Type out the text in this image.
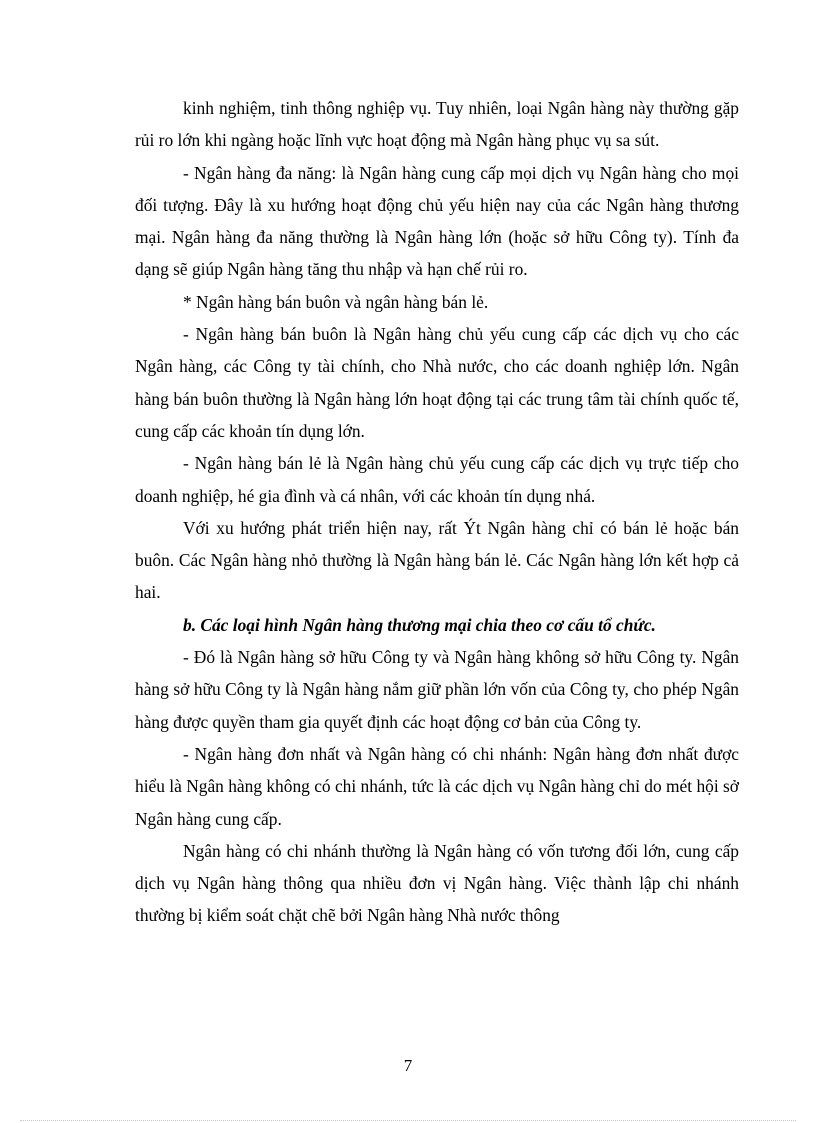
kinh nghiệm, tinh thông nghiệp vụ. Tuy nhiên, loại Ngân hàng này thường gặp rủi ro lớn khi ngàng hoặc lĩnh vực hoạt động mà Ngân hàng phục vụ sa sút.

- Ngân hàng đa năng: là Ngân hàng cung cấp mọi dịch vụ Ngân hàng cho mọi đối tượng. Đây là xu hướng hoạt động chủ yếu hiện nay của các Ngân hàng thương mại. Ngân hàng đa năng thường là Ngân hàng lớn (hoặc sở hữu Công ty). Tính đa dạng sẽ giúp Ngân hàng tăng thu nhập và hạn chế rủi ro.

* Ngân hàng bán buôn và ngân hàng bán lẻ.

- Ngân hàng bán buôn là Ngân hàng chủ yếu cung cấp các dịch vụ cho các Ngân hàng, các Công ty tài chính, cho Nhà nước, cho các doanh nghiệp lớn. Ngân hàng bán buôn thường là Ngân hàng lớn hoạt động tại các trung tâm tài chính quốc tế, cung cấp các khoản tín dụng lớn.

- Ngân hàng bán lẻ là Ngân hàng chủ yếu cung cấp các dịch vụ trực tiếp cho doanh nghiệp, hé gia đình và cá nhân, với các khoản tín dụng nhá.

Với xu hướng phát triển hiện nay, rất Ýt Ngân hàng chỉ có bán lẻ hoặc bán buôn. Các Ngân hàng nhỏ thường là Ngân hàng bán lẻ. Các Ngân hàng lớn kết hợp cả hai.

b. Các loại hình Ngân hàng thương mại chia theo cơ cấu tổ chức.

- Đó là Ngân hàng sở hữu Công ty và Ngân hàng không sở hữu Công ty. Ngân hàng sở hữu Công ty là Ngân hàng nắm giữ phần lớn vốn của Công ty, cho phép Ngân hàng được quyền tham gia quyết định các hoạt động cơ bản của Công ty.

- Ngân hàng đơn nhất và Ngân hàng có chi nhánh: Ngân hàng đơn nhất được hiểu là Ngân hàng không có chi nhánh, tức là các dịch vụ Ngân hàng chỉ do mét hội sở Ngân hàng cung cấp.

Ngân hàng có chi nhánh thường là Ngân hàng có vốn tương đối lớn, cung cấp dịch vụ Ngân hàng thông qua nhiều đơn vị Ngân hàng. Việc thành lập chi nhánh thường bị kiểm soát chặt chẽ bởi Ngân hàng Nhà nước thông

7
